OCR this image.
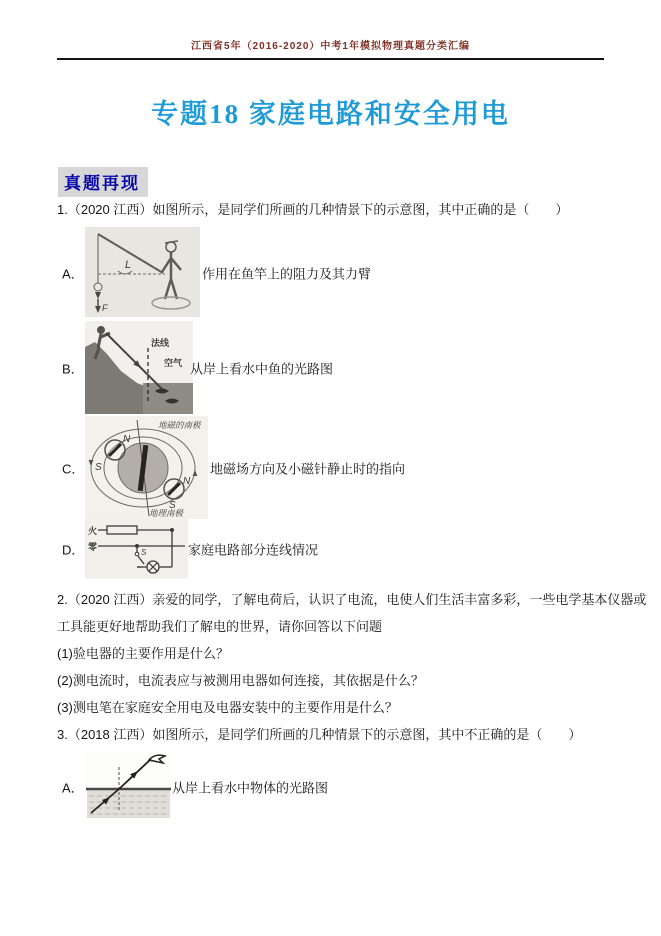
江西省5年（2016-2020）中考1年模拟物理真题分类汇编
专题18 家庭电路和安全用电
真题再现
1.（2020 江西）如图所示，是同学们所画的几种情景下的示意图，其中正确的是（　　）
A．
L
F
作用在鱼竿上的阻力及其力臂
B．
法线
空气 从岸上看水中鱼的光路图
C．
N
S
N
S
地磁的南极
地理南极
地磁场方向及小磁针静止时的指向
D．
火
零
S	家庭电路部分连线情况
2.（2020 江西）亲爱的同学，了解电荷后，认识了电流，电使人们生活丰富多彩，一些电学基本仪器或
工具能更好地帮助我们了解电的世界，请你回答以下问题
(1)验电器的主要作用是什么？
(2)测电流时，电流表应与被测用电器如何连接，其依据是什么？
(3)测电笔在家庭安全用电及电器安装中的主要作用是什么？
3.（2018 江西）如图所示，是同学们所画的几种情景下的示意图，其中不正确的是（　　）
A．	从岸上看水中物体的光路图
